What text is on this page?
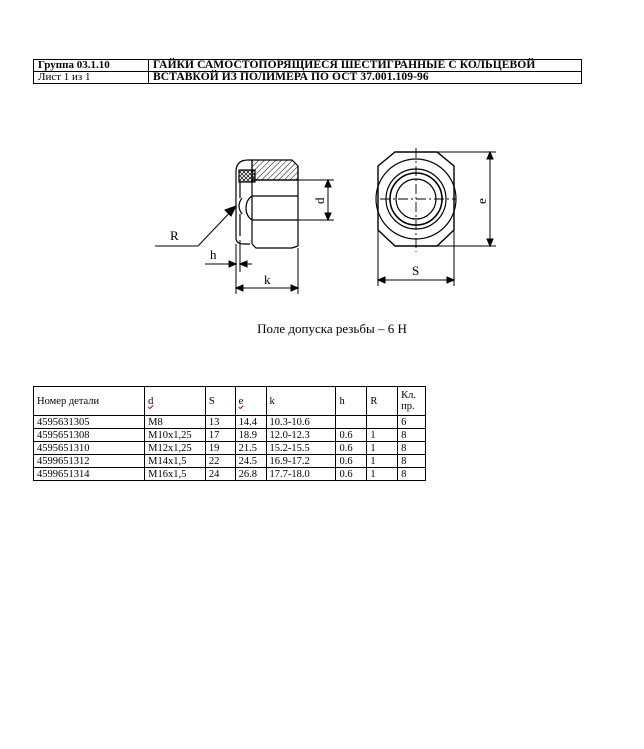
Группа 03.1.10	ГАЙКИ САМОСТОПОРЯЩИЕСЯ ШЕСТИГРАННЫЕ С КОЛЬЦЕВОЙ
Лист 1 из 1	ВСТАВКОЙ ИЗ ПОЛИМЕРА ПО ОСТ 37.001.109-96
R
h
k
d	e
S
Поле допуска резьбы – 6 H
Номер детали	d	S	e	k	h	R	Кл. пр.
4595631305	M8	13	14.4	10.3-10.6			6
4595651308	M10x1,25	17	18.9	12.0-12.3	0.6	1	8
4595651310	M12x1,25	19	21.5	15.2-15.5	0.6	1	8
4599651312	M14x1,5	22	24.5	16.9-17.2	0.6	1	8
4599651314	M16x1,5	24	26.8	17.7-18.0	0.6	1	8
